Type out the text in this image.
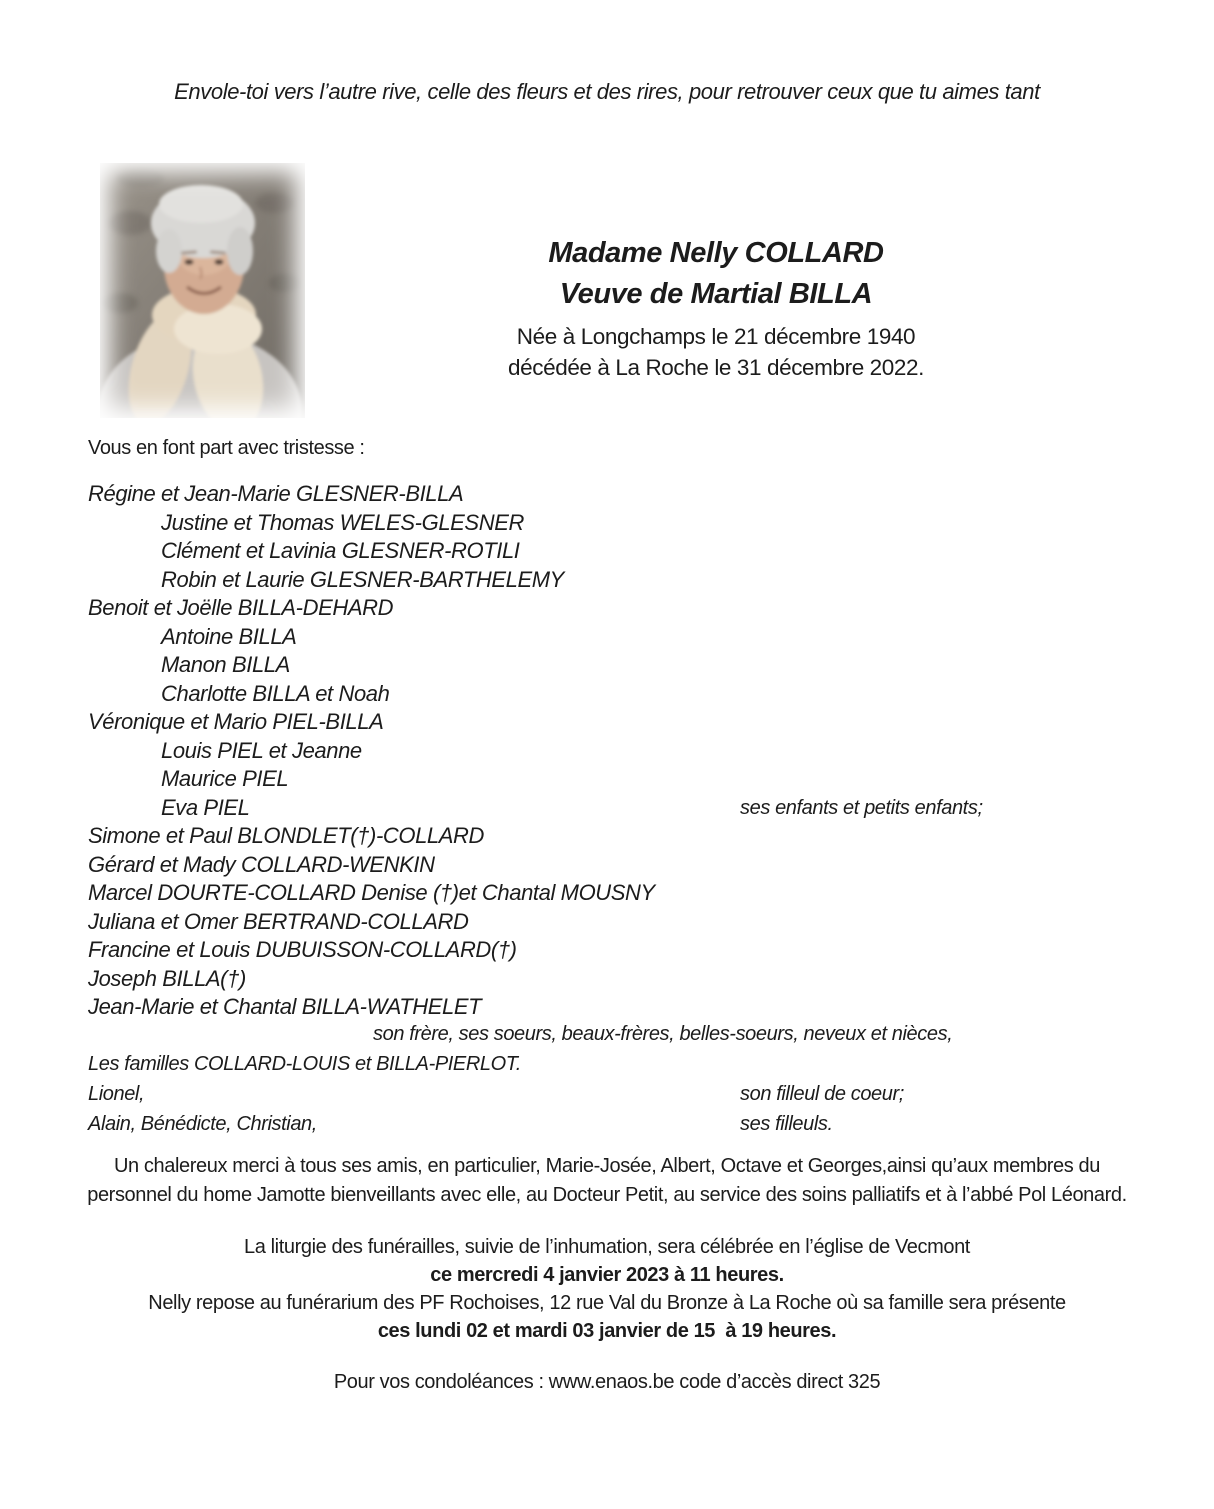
Envole-toi vers l’autre rive, celle des fleurs et des rires, pour retrouver ceux que tu aimes tant
Madame Nelly COLLARD
Veuve de Martial BILLA
Née à Longchamps le 21 décembre 1940
décédée à La Roche le 31 décembre 2022.
Vous en font part avec tristesse :
Régine et Jean-Marie GLESNER-BILLA
Justine et Thomas WELES-GLESNER
Clément et Lavinia GLESNER-ROTILI
Robin et Laurie GLESNER-BARTHELEMY
Benoit et Joëlle BILLA-DEHARD
Antoine BILLA
Manon BILLA
Charlotte BILLA et Noah
Véronique et Mario PIEL-BILLA
Louis PIEL et Jeanne
Maurice PIEL
Eva PIEL	ses enfants et petits enfants;
Simone et Paul BLONDLET(†)-COLLARD
Gérard et Mady COLLARD-WENKIN
Marcel DOURTE-COLLARD Denise (†)et Chantal MOUSNY
Juliana et Omer BERTRAND-COLLARD
Francine et Louis DUBUISSON-COLLARD(†)
Joseph BILLA(†)
Jean-Marie et Chantal BILLA-WATHELET
son frère, ses soeurs, beaux-frères, belles-soeurs, neveux et nièces,
Les familles COLLARD-LOUIS et BILLA-PIERLOT.
Lionel,	son filleul de coeur;
Alain, Bénédicte, Christian,	ses filleuls.
Un chalereux merci à tous ses amis, en particulier, Marie-Josée, Albert, Octave et Georges,ainsi qu’aux membres du
personnel du home Jamotte bienveillants avec elle, au Docteur Petit, au service des soins palliatifs et à l’abbé Pol Léonard.
La liturgie des funérailles, suivie de l’inhumation, sera célébrée en l’église de Vecmont
ce mercredi 4 janvier 2023 à 11 heures.
Nelly repose au funérarium des PF Rochoises, 12 rue Val du Bronze à La Roche où sa famille sera présente
ces lundi 02 et mardi 03 janvier de 15  à 19 heures.
Pour vos condoléances : www.enaos.be code d’accès direct 325
